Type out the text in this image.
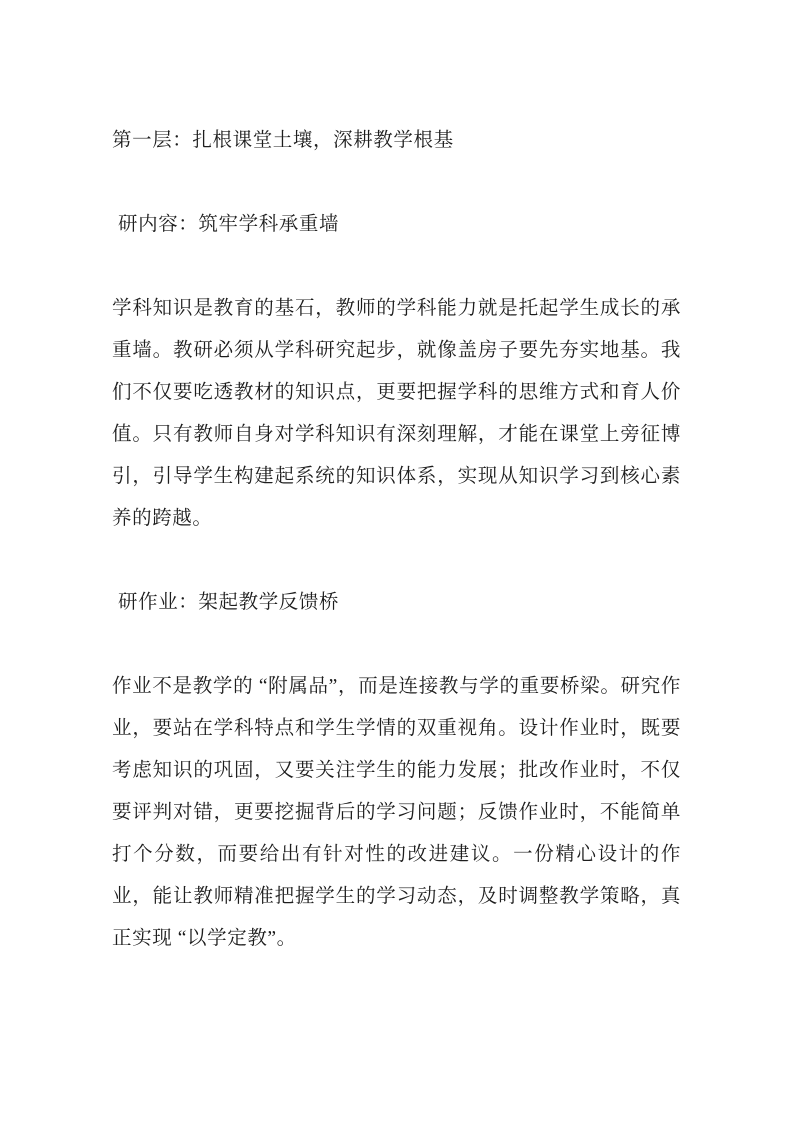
第一层：扎根课堂土壤，深耕教学根基

研内容：筑牢学科承重墙

学科知识是教育的基石，教师的学科能力就是托起学生成长的承重墙。教研必须从学科研究起步，就像盖房子要先夯实地基。我们不仅要吃透教材的知识点，更要把握学科的思维方式和育人价值。只有教师自身对学科知识有深刻理解，才能在课堂上旁征博引，引导学生构建起系统的知识体系，实现从知识学习到核心素养的跨越。

研作业：架起教学反馈桥

作业不是教学的 “附属品”，而是连接教与学的重要桥梁。研究作业，要站在学科特点和学生学情的双重视角。设计作业时，既要考虑知识的巩固，又要关注学生的能力发展；批改作业时，不仅要评判对错，更要挖掘背后的学习问题；反馈作业时，不能简单打个分数，而要给出有针对性的改进建议。一份精心设计的作业，能让教师精准把握学生的学习动态，及时调整教学策略，真正实现 “以学定教”。
